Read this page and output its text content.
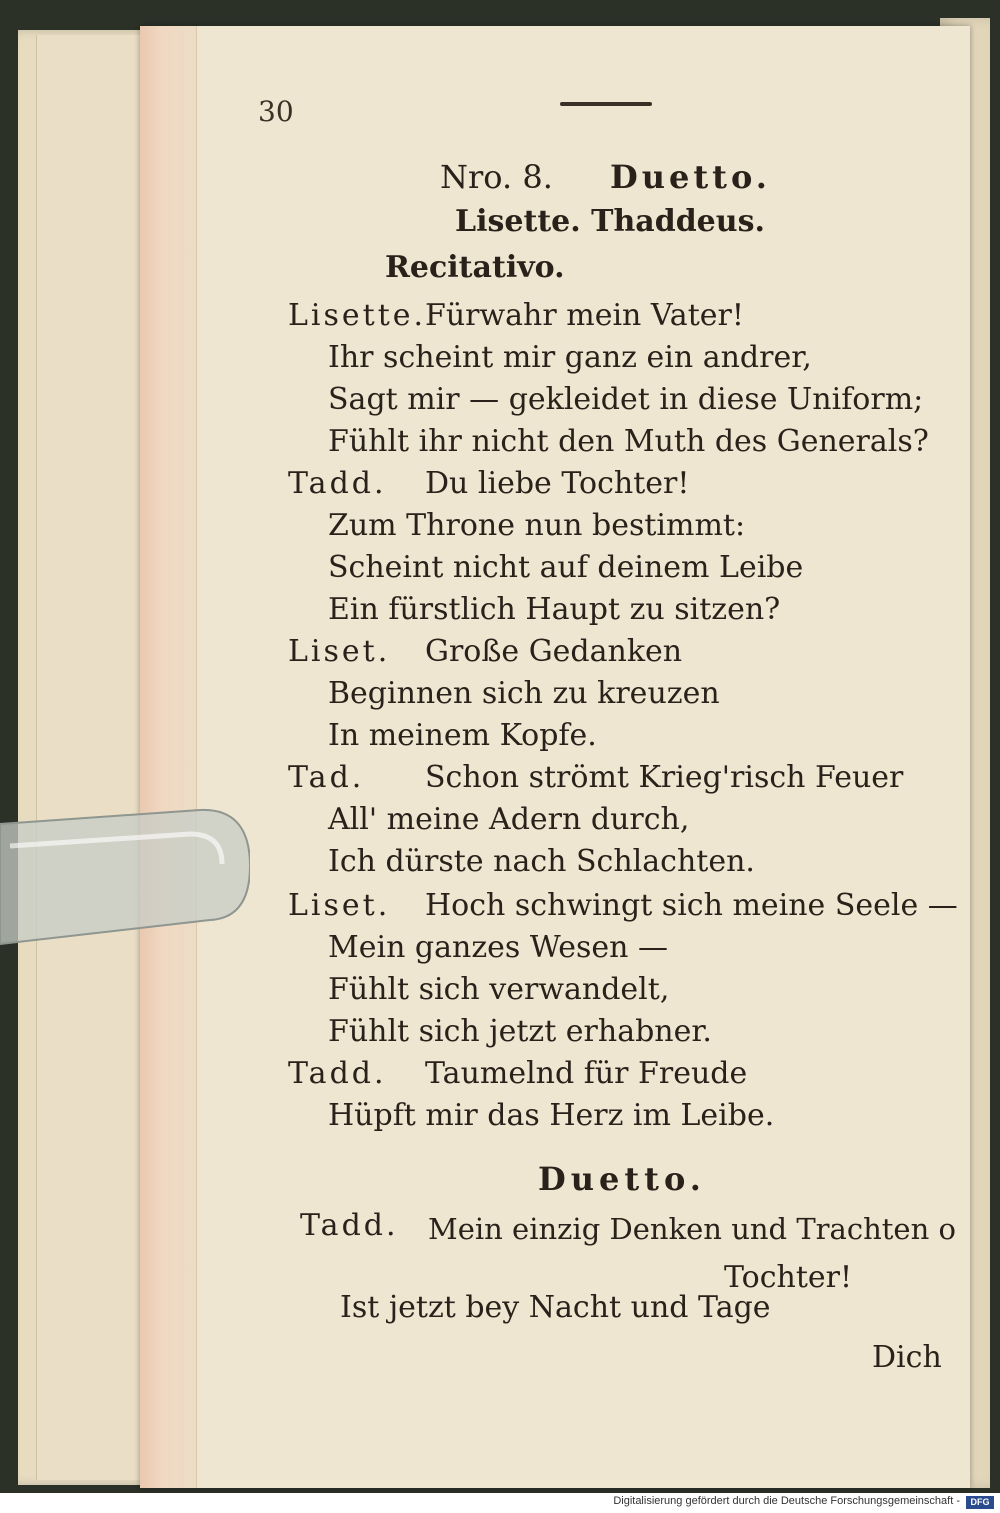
30
Nro. 8. Duetto.
Lisette. Thaddeus.
Recitativo.
Lisette.
Fürwahr mein Vater!
Ihr scheint mir ganz ein andrer,
Sagt mir — gekleidet in diese Uniform;
Fühlt ihr nicht den Muth des Generals?
Tadd. Du liebe Tochter!
Zum Throne nun bestimmt:
Scheint nicht auf deinem Leibe
Ein fürstlich Haupt zu sitzen?
Liset. Große Gedanken
Beginnen sich zu kreuzen
In meinem Kopfe.
Tad. Schon strömt Krieg'risch Feuer
All' meine Adern durch,
Ich dürste nach Schlachten.
Liset. Hoch schwingt sich meine Seele —
Mein ganzes Wesen —
Fühlt sich verwandelt,
Fühlt sich jetzt erhabner.
Tadd. Taumelnd für Freude
Hüpft mir das Herz im Leibe.
Duetto.
Tadd. Mein einzig Denken und Trachten o
Tochter!
Ist jetzt bey Nacht und Tage
Dich
Digitalisierung gefördert durch die Deutsche Forschungsgemeinschaft -	DFG
